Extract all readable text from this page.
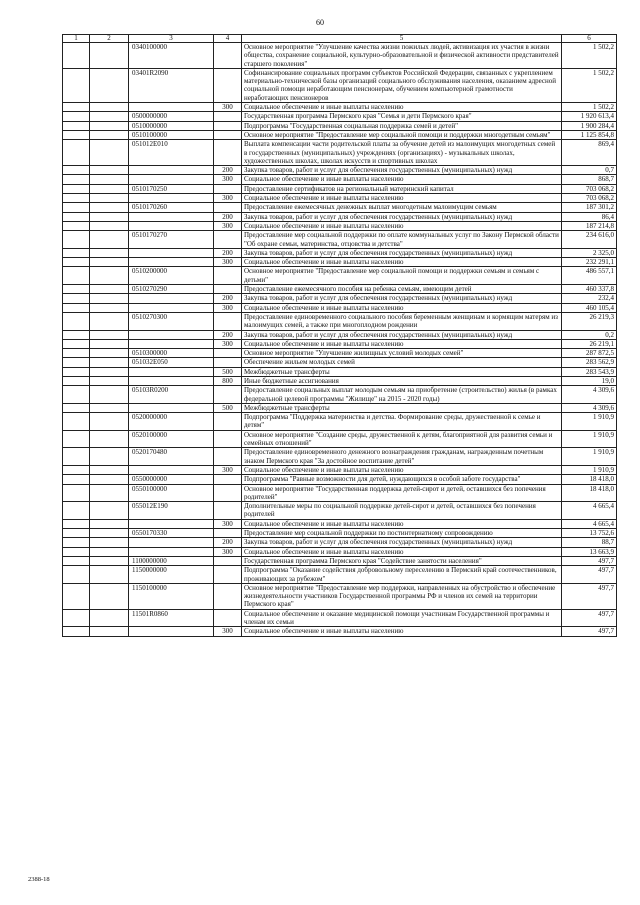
60
1	2	3	4	5	6
		0340100000		Основное мероприятие "Улучшение качества жизни пожилых людей, активизация их участия в жизни общества, сохранение социальной, культурно-образовательной и физической активности представителей старшего поколения"	1 502,2
		03401R2090		Софинансирование социальных программ субъектов Российской Федерации, связанных с укреплением материально-технической базы организаций социального обслуживания населения, оказанием адресной социальной помощи неработающим пенсионерам, обучением компьютерной грамотности неработающих пенсионеров	1 502,2
			300	Социальное обеспечение и иные выплаты населению	1 502,2
		0500000000		Государственная программа Пермского края "Семья и дети Пермского края"	1 920 613,4
		0510000000		Подпрограмма "Государственная социальная поддержка семей и детей"	1 900 284,4
		0510100000		Основное мероприятие "Предоставление мер социальной помощи и поддержки многодетным семьям"	1 125 854,8
		051012Е010		Выплата компенсации части родительской платы за обучение детей из малоимущих многодетных семей в государственных (муниципальных) учреждениях (организациях) - музыкальных школах, художественных школах, школах искусств и спортивных школах	869,4
			200	Закупка товаров, работ и услуг для обеспечения государственных (муниципальных) нужд	0,7
			300	Социальное обеспечение и иные выплаты населению	868,7
		0510170250		Предоставление сертификатов на региональный материнский капитал	703 068,2
			300	Социальное обеспечение и иные выплаты населению	703 068,2
		0510170260		Предоставление ежемесячных денежных выплат многодетным малоимущим семьям	187 301,2
			200	Закупка товаров, работ и услуг для обеспечения государственных (муниципальных) нужд	86,4
			300	Социальное обеспечение и иные выплаты населению	187 214,8
		0510170270		Предоставление мер социальной поддержки по оплате коммунальных услуг по Закону Пермской области "Об охране семьи, материнства, отцовства и детства"	234 616,0
			200	Закупка товаров, работ и услуг для обеспечения государственных (муниципальных) нужд	2 325,0
			300	Социальное обеспечение и иные выплаты населению	232 291,1
		0510200000		Основное мероприятие "Предоставление мер социальной помощи и поддержки семьям и семьям с детьми"	486 557,1
		0510270290		Предоставление ежемесячного пособия на ребенка семьям, имеющим детей	460 337,8
			200	Закупка товаров, работ и услуг для обеспечения государственных (муниципальных) нужд	232,4
			300	Социальное обеспечение и иные выплаты населению	460 105,4
		0510270300		Предоставление единовременного социального пособия беременным женщинам и кормящим матерям из малоимущих семей, а также при многоплодном рождении	26 219,3
			200	Закупка товаров, работ и услуг для обеспечения государственных (муниципальных) нужд	0,2
			300	Социальное обеспечение и иные выплаты населению	26 219,1
		0510300000		Основное мероприятие "Улучшение жилищных условий молодых семей"	287 872,5
		051032Е050		Обеспечение жильем молодых семей	283 562,9
			500	Межбюджетные трансферты	283 543,9
			800	Иные бюджетные ассигнования	19,0
		05103R0200		Предоставление социальных выплат молодым семьям на приобретение (строительство) жилья (в рамках федеральной целевой программы "Жилище" на 2015 - 2020 годы)	4 309,6
			500	Межбюджетные трансферты	4 309,6
		0520000000		Подпрограмма "Поддержка материнства и детства. Формирование среды, дружественной к семье и детям"	1 910,9
		0520100000		Основное мероприятие "Создание среды, дружественной к детям, благоприятной для развития семьи и семейных отношений"	1 910,9
		0520170480		Предоставление единовременного денежного вознаграждения гражданам, награжденным почетным знаком Пермского края "За достойное воспитание детей"	1 910,9
			300	Социальное обеспечение и иные выплаты населению	1 910,9
		0550000000		Подпрограмма "Равные возможности для детей, нуждающихся в особой заботе государства"	18 418,0
		0550100000		Основное мероприятие "Государственная поддержка детей-сирот и детей, оставшихся без попечения родителей"	18 418,0
		055012Е190		Дополнительные меры по социальной поддержке детей-сирот и детей, оставшихся без попечения родителей	4 665,4
			300	Социальное обеспечение и иные выплаты населению	4 665,4
		0550170330		Предоставление мер социальной поддержки по постинтернатному сопровождению	13 752,6
			200	Закупка товаров, работ и услуг для обеспечения государственных (муниципальных) нужд	88,7
			300	Социальное обеспечение и иные выплаты населению	13 663,9
		1100000000		Государственная программа Пермского края "Содействие занятости населения"	497,7
		1150000000		Подпрограмма "Оказание содействия добровольному переселению в Пермский край соотечественников, проживающих за рубежом"	497,7
		1150100000		Основное мероприятие "Предоставление мер поддержки, направленных на обустройство и обеспечение жизнедеятельности участников Государственной программы РФ и членов их семей на территории Пермского края"	497,7
		11501R0860		Социальное обеспечение и оказание медицинской помощи участникам Государственной программы и членам их семьи	497,7
			300	Социальное обеспечение и иные выплаты населению	497,7
2388-18
